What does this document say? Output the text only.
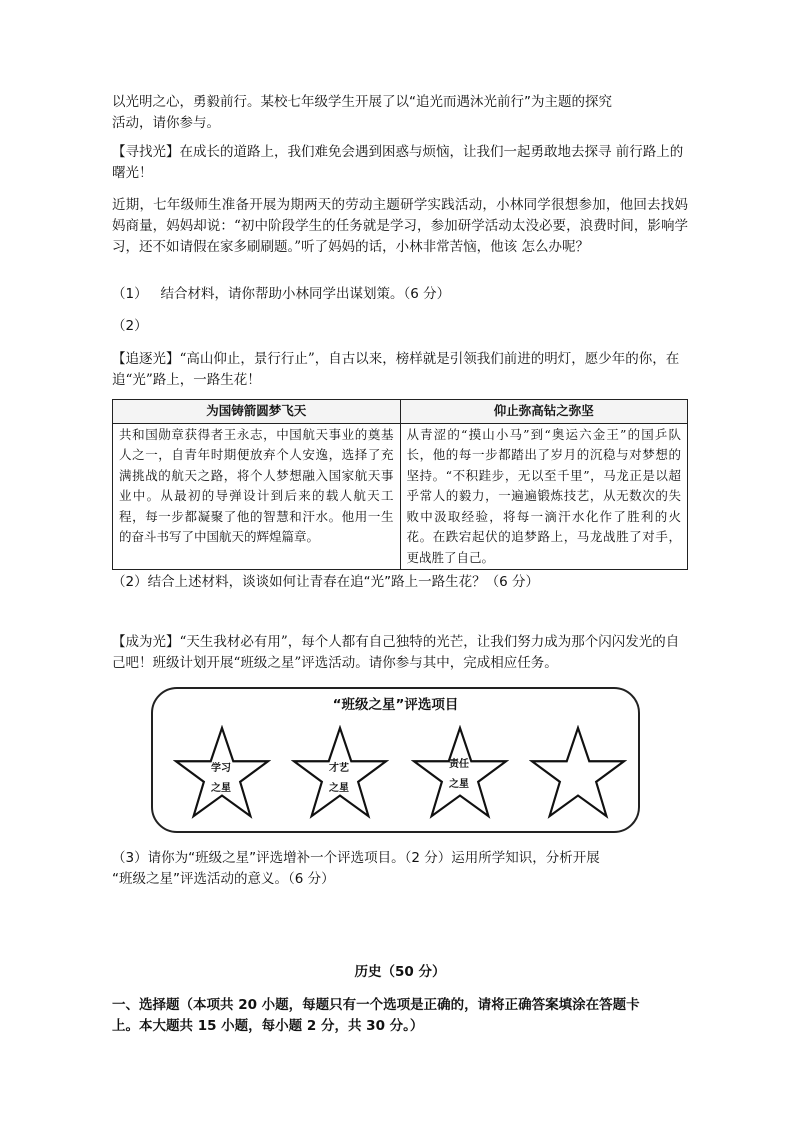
以光明之心，勇毅前行。某校七年级学生开展了以“追光而遇沐光前行”为主题的探究
活动，请你参与。

【寻找光】在成长的道路上，我们难免会遇到困惑与烦恼，让我们一起勇敢地去探寻 前行路上的曙光！

近期，七年级师生准备开展为期两天的劳动主题研学实践活动，小林同学很想参加，他回去找妈妈商量，妈妈却说：“初中阶段学生的任务就是学习，参加研学活动太没必要，浪费时间，影响学习，还不如请假在家多刷刷题。”听了妈妈的话，小林非常苦恼，他该 怎么办呢？

（1） 结合材料，请你帮助小林同学出谋划策。（6 分）

（2）

【追逐光】“高山仰止，景行行止”，自古以来，榜样就是引领我们前进的明灯，愿少年的你，在追“光”路上，一路生花！

为国铸箭圆梦飞天	仰止弥高钻之弥坚
共和国勋章获得者王永志，中国航天事业的奠基人之一，自青年时期便放弃个人安逸，选择了充满挑战的航天之路，将个人梦想融入国家航天事业中。从最初的导弹设计到后来的载人航天工程，每一步都凝聚了他的智慧和汗水。他用一生的奋斗书写了中国航天的辉煌篇章。	从青涩的“摸山小马”到“奥运六金王”的国乒队长，他的每一步都踏出了岁月的沉稳与对梦想的坚持。“不积跬步，无以至千里”，马龙正是以超乎常人的毅力，一遍遍锻炼技艺，从无数次的失败中汲取经验，将每一滴汗水化作了胜利的火花。在跌宕起伏的追梦路上，马龙战胜了对手，更战胜了自己。

（2）结合上述材料，谈谈如何让青春在追“光”路上一路生花？（6 分）

【成为光】“天生我材必有用”，每个人都有自己独特的光芒，让我们努力成为那个闪闪发光的自己吧！班级计划开展“班级之星”评选活动。请你参与其中，完成相应任务。

“班级之星”评选项目
学习
之星
才艺
之星
责任
之星

（3）请你为“班级之星”评选增补一个评选项目。（2 分）运用所学知识，分析开展
“班级之星”评选活动的意义。（6 分）

历史（50 分）

一、选择题（本项共 20 小题，每题只有一个选项是正确的，请将正确答案填涂在答题卡
上。本大题共 15 小题，每小题 2 分，共 30 分。）
